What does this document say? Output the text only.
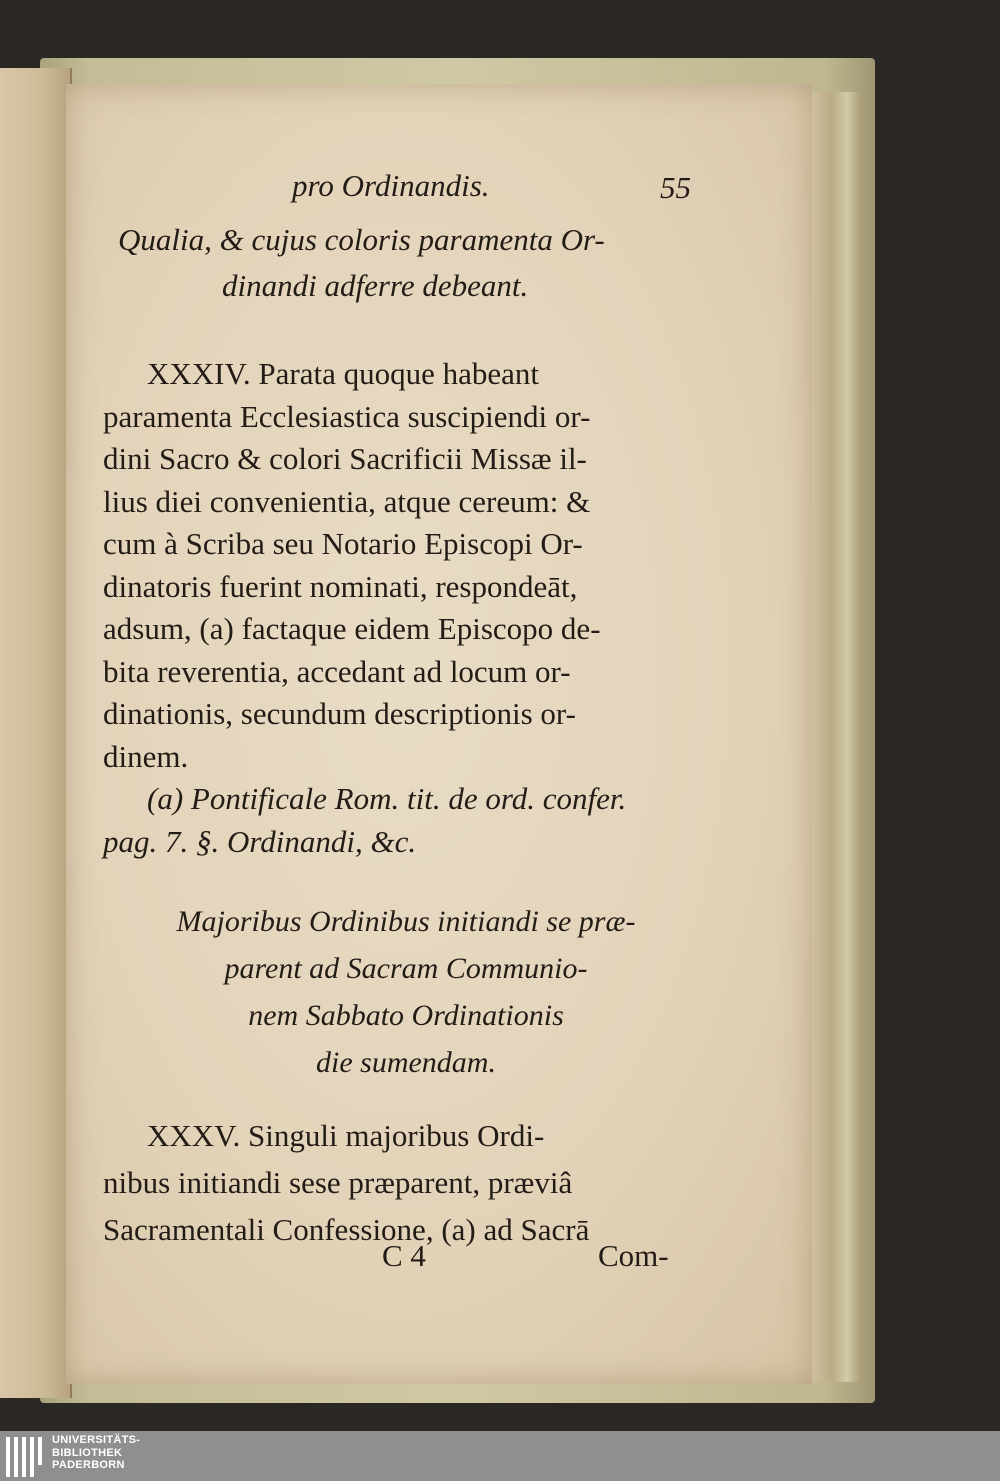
pro Ordinandis.	55
Qualia, & cujus coloris paramenta Or-
dinandi adferre debeant.
XXXIV. Parata quoque habeant
paramenta Ecclesiastica suscipiendi or-
dini Sacro & colori Sacrificii Missæ il-
lius diei convenientia, atque cereum: &
cum à Scriba seu Notario Episcopi Or-
dinatoris fuerint nominati, respondeāt,
adsum, (a) factaque eidem Episcopo de-
bita reverentia, accedant ad locum or-
dinationis, secundum descriptionis or-
dinem.
(a) Pontificale Rom. tit. de ord. confer.
pag. 7. §. Ordinandi, &c.
Majoribus Ordinibus initiandi se præ-
parent ad Sacram Communio-
nem Sabbato Ordinationis
die sumendam.
XXXV. Singuli majoribus Ordi-
nibus initiandi sese præparent, præviâ
Sacramentali Confessione, (a) ad Sacrā
C 4	Com-
UNIVERSITÄTS-
BIBLIOTHEK
PADERBORN
